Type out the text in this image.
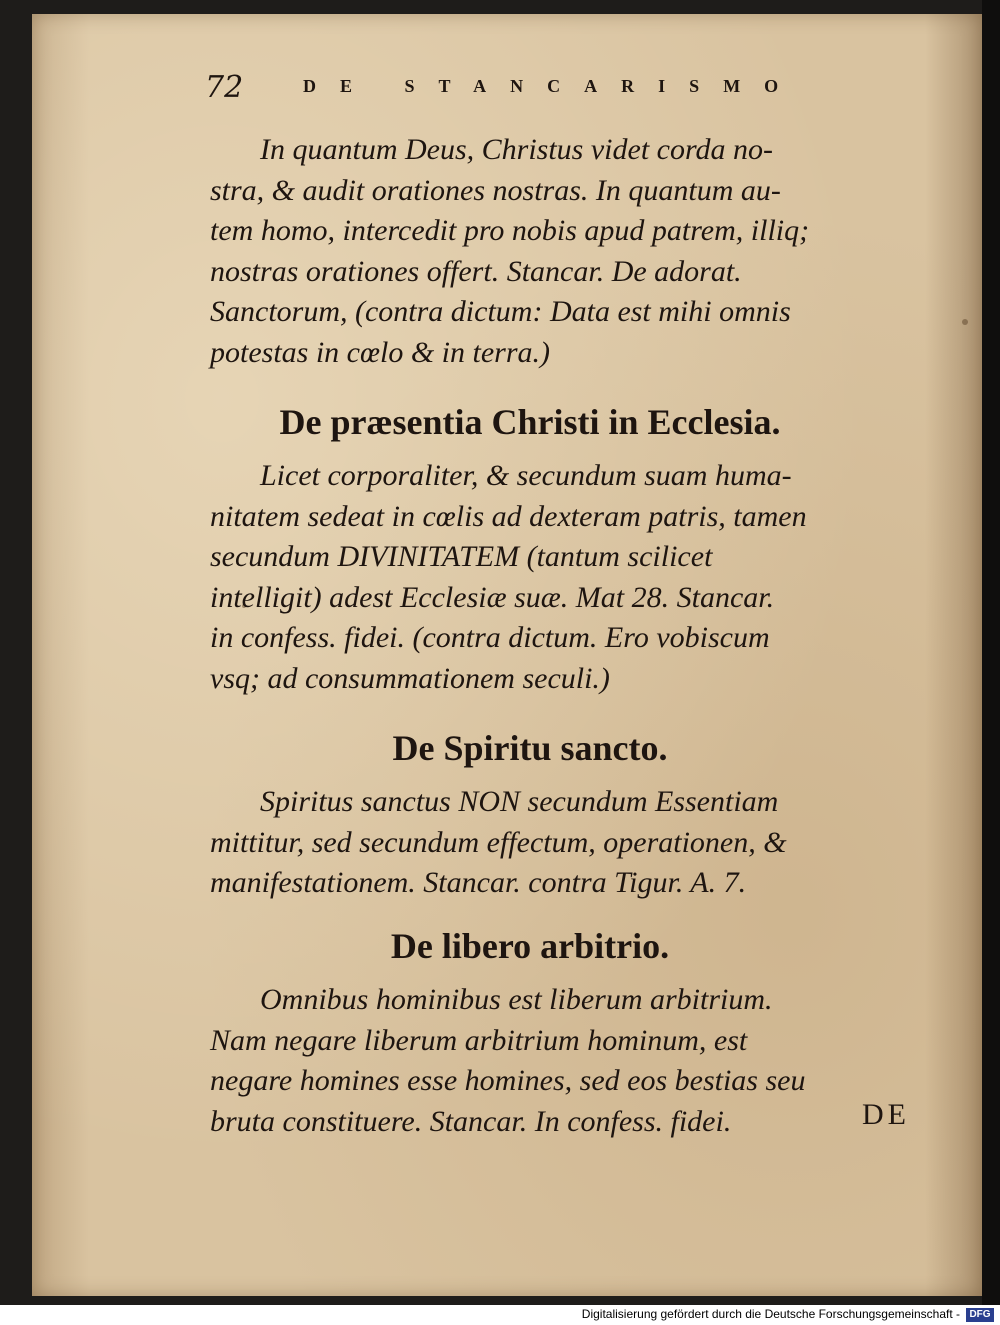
72	DE STANCARISMO

In quantum Deus, Christus videt corda no-

stra, & audit orationes nostras. In quantum au-

tem homo, intercedit pro nobis apud patrem, illiq;

nostras orationes offert. Stancar. De adorat.

Sanctorum, (contra dictum: Data est mihi omnis

potestas in cœlo & in terra.)

De præsentia Christi in Ecclesia.

Licet corporaliter, & secundum suam huma-

nitatem sedeat in cœlis ad dexteram patris, tamen

secundum DIVINITATEM (tantum scilicet

intelligit) adest Ecclesiæ suæ. Mat 28. Stancar.

in confess. fidei. (contra dictum. Ero vobiscum

vsq; ad consummationem seculi.)

De Spiritu sancto.

Spiritus sanctus NON secundum Essentiam

mittitur, sed secundum effectum, operationen, &

manifestationem. Stancar. contra Tigur. A. 7.

De libero arbitrio.

Omnibus hominibus est liberum arbitrium.

Nam negare liberum arbitrium hominum, est

negare homines esse homines, sed eos bestias seu

bruta constituere. Stancar. In confess. fidei.	DE
Digitalisierung gefördert durch die Deutsche Forschungsgemeinschaft - DFG
